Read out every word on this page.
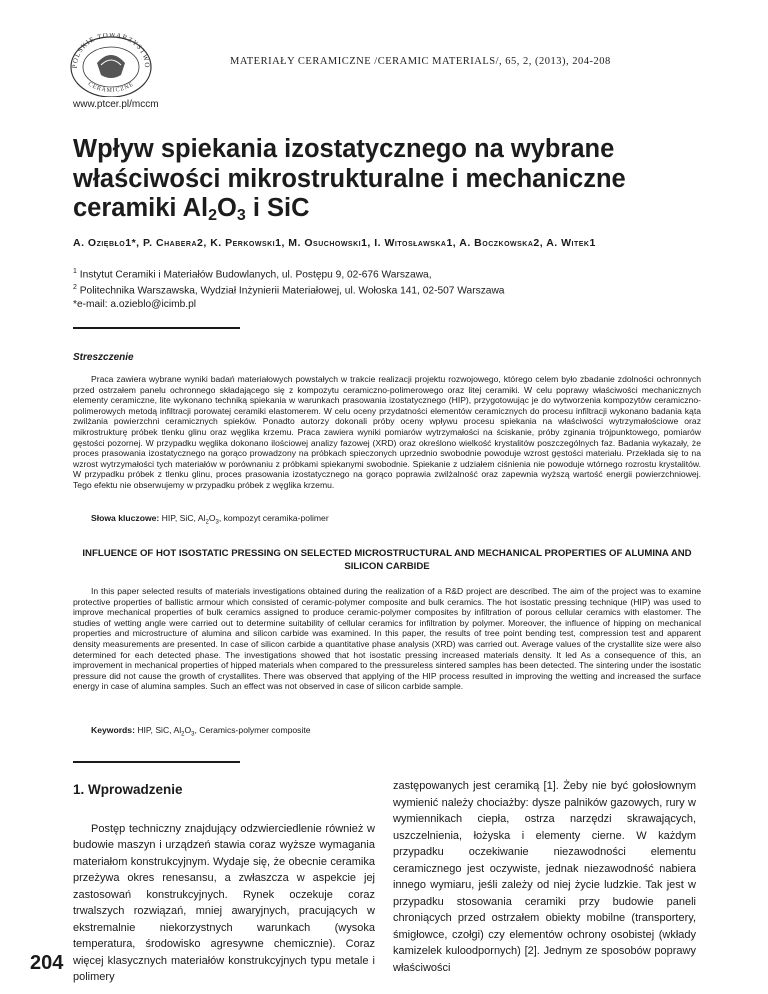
POLSKIE TOWARZYSTWO
CERAMICZNE
MATERIAŁY CERAMICZNE /CERAMIC MATERIALS/, 65, 2, (2013), 204-208
www.ptcer.pl/mccm
Wpływ spiekania izostatycznego na wybrane
właściwości mikrostrukturalne i mechaniczne
ceramiki $Al_2O_3$ i SiC
A. Oziębło1*, P. Chabera2, K. Perkowski1, M. Osuchowski1, I. Witosławska1, A. Boczkowska2, A. Witek1
$^1$ Instytut Ceramiki i Materiałów Budowlanych, ul. Postępu 9, 02-676 Warszawa,
$^2$ Politechnika Warszawska, Wydział Inżynierii Materiałowej, ul. Wołoska 141, 02-507 Warszawa
*e-mail: a.ozieblo@icimb.pl
Streszczenie

Praca zawiera wybrane wyniki badań materiałowych powstałych w trakcie realizacji projektu rozwojowego, którego celem było zbadanie zdolności ochronnych przed ostrzałem panelu ochronnego składającego się z kompozytu ceramiczno-polimerowego oraz litej ceramiki. W celu poprawy właściwości mechanicznych elementy ceramiczne, lite wykonano techniką spiekania w warunkach prasowania izostatycznego (HIP), przygotowując je do wytworzenia kompozytów ceramiczno-polimerowych metodą infiltracji porowatej ceramiki elastomerem. W celu oceny przydatności elementów ceramicznych do procesu infiltracji wykonano badania kąta zwilżania powierzchni ceramicznych spieków. Ponadto autorzy dokonali próby oceny wpływu procesu spiekania na właściwości wytrzymałościowe oraz mikrostrukturę próbek tlenku glinu oraz węglika krzemu. Praca zawiera wyniki pomiarów wytrzymałości na ściskanie, próby zginania trójpunktowego, pomiarów gęstości pozornej. W przypadku węglika dokonano ilościowej analizy fazowej (XRD) oraz określono wielkość krystalitów poszczególnych faz. Badania wykazały, że proces prasowania izostatycznego na gorąco prowadzony na próbkach spieczonych uprzednio swobodnie powoduje wzrost gęstości materiału. Przekłada się to na wzrost wytrzymałości tych materiałów w porównaniu z próbkami spiekanymi swobodnie. Spiekanie z udziałem ciśnienia nie powoduje wtórnego rozrostu krystalitów. W przypadku próbek z tlenku glinu, proces prasowania izostatycznego na gorąco poprawia zwilżalność oraz zapewnia wyższą wartość energii powierzchniowej. Tego efektu nie obserwujemy w przypadku próbek z węglika krzemu.

Słowa kluczowe: HIP, SiC, $Al_2O_3$, kompozyt ceramika-polimer

INFLUENCE OF HOT ISOSTATIC PRESSING ON SELECTED MICROSTRUCTURAL AND MECHANICAL PROPERTIES OF ALUMINA AND SILICON CARBIDE

In this paper selected results of materials investigations obtained during the realization of a R&D project are described. The aim of the project was to examine protective properties of ballistic armour which consisted of ceramic-polymer composite and bulk ceramics. The hot isostatic pressing technique (HIP) was used to improve mechanical properties of bulk ceramics assigned to produce ceramic-polymer composites by infiltration of porous cellular ceramics with elastomer. The studies of wetting angle were carried out to determine suitability of cellular ceramics for infiltration by polymer. Moreover, the influence of hipping on mechanical properties and microstructure of alumina and silicon carbide was examined. In this paper, the results of tree point bending test, compression test and apparent density measurements are presented. In case of silicon carbide a quantitative phase analysis (XRD) was carried out. Average values of the crystallite size were also determined for each detected phase. The investigations showed that hot isostatic pressing increased materials density. It led As a consequence of this, an improvement in mechanical properties of hipped materials when compared to the pressureless sintered samples has been detected. The sintering under the isostatic pressure did not cause the growth of crystallites. There was observed that applying of the HIP process resulted in improving the wetting and increased the surface energy in case of alumina samples. Such an effect was not observed in case of silicon carbide sample.

Keywords: HIP, SiC, $Al_2O_3$, Ceramics-polymer composite
1. Wprowadzenie

Postęp techniczny znajdujący odzwierciedlenie również w budowie maszyn i urządzeń stawia coraz wyższe wymagania materiałom konstrukcyjnym. Wydaje się, że obecnie ceramika przeżywa okres renesansu, a zwłaszcza w aspekcie jej zastosowań konstrukcyjnych. Rynek oczekuje coraz trwalszych rozwiązań, mniej awaryjnych, pracujących w ekstremalnie niekorzystnych warunkach (wysoka temperatura, środowisko agresywne chemicznie). Coraz więcej klasycznych materiałów konstrukcyjnych typu metale i polimery

zastępowanych jest ceramiką [1]. Żeby nie być gołosłownym wymienić należy chociażby: dysze palników gazowych, rury w wymiennikach ciepła, ostrza narzędzi skrawających, uszczelnienia, łożyska i elementy cierne. W każdym przypadku oczekiwanie niezawodności elementu ceramicznego jest oczywiste, jednak niezawodność nabiera innego wymiaru, jeśli zależy od niej życie ludzkie. Tak jest w przypadku stosowania ceramiki przy budowie paneli chroniących przed ostrzałem obiekty mobilne (transportery, śmigłowce, czołgi) czy elementów ochrony osobistej (wkłady kamizelek kuloodpornych) [2]. Jednym ze sposobów poprawy właściwości

204
